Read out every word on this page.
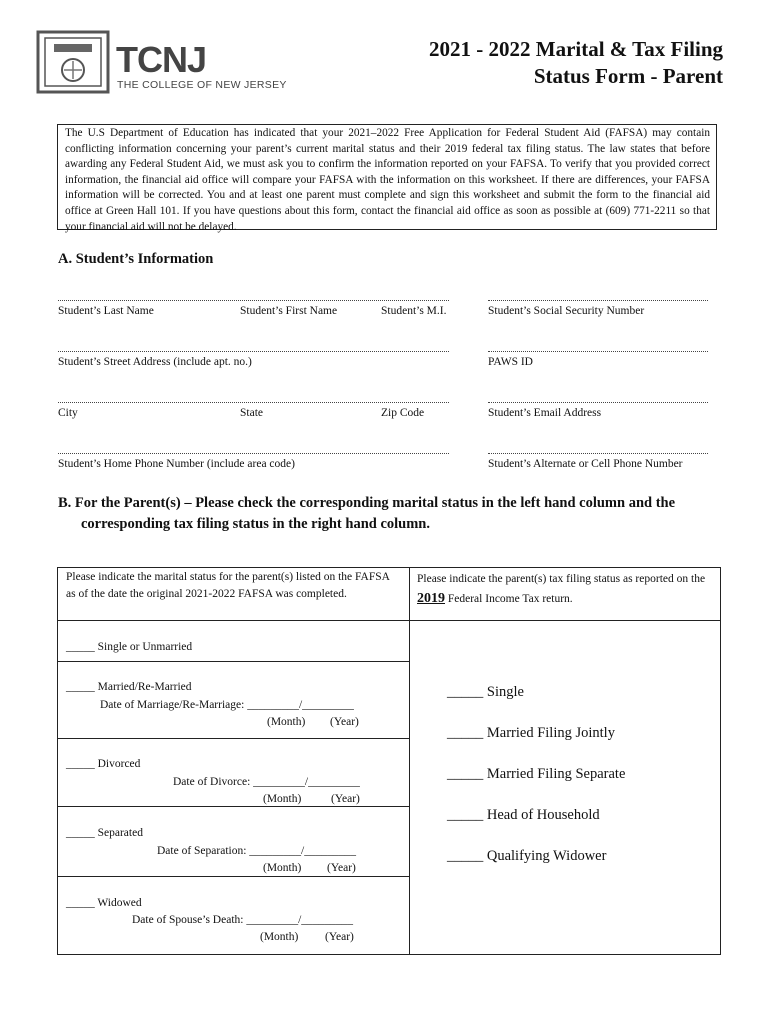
TCNJ
THE COLLEGE OF NEW JERSEY
2021 - 2022 Marital & Tax Filing
Status Form - Parent
The U.S Department of Education has indicated that your 2021–2022 Free Application for Federal Student Aid (FAFSA) may contain conflicting information concerning your parent’s current marital status and their 2019 federal tax filing status. The law states that before awarding any Federal Student Aid, we must ask you to confirm the information reported on your FAFSA. To verify that you provided correct information, the financial aid office will compare your FAFSA with the information on this worksheet. If there are differences, your FAFSA information will be corrected. You and at least one parent must complete and sign this worksheet and submit the form to the financial aid office at Green Hall 101. If you have questions about this form, contact the financial aid office as soon as possible at (609) 771-2211 so that your financial aid will not be delayed.
A. Student’s Information
Student’s Last Name	Student’s First Name	Student’s M.I.	Student’s Social Security Number
Student’s Street Address (include apt. no.)	PAWS ID
City	State	Zip Code	Student’s Email Address
Student’s Home Phone Number (include area code)	Student’s Alternate or Cell Phone Number
B. For the Parent(s) – Please check the corresponding marital status in the left hand column and the
corresponding tax filing status in the right hand column.
Please indicate the marital status for the parent(s) listed on the FAFSA as of the date the original 2021-2022 FAFSA was completed.
Please indicate the parent(s) tax filing status as reported on the 2019 Federal Income Tax return.
_____ Single or Unmarried
_____ Married/Re-Married
Date of Marriage/Re-Marriage: _________/_________
(Month) (Year)
_____ Divorced
Date of Divorce: _________/_________
(Month)	(Year)
_____ Separated
Date of Separation: _________/_________
(Month) (Year)
_____ Widowed
Date of Spouse’s Death: _________/_________
(Month) (Year)
_____ Single
_____ Married Filing Jointly
_____ Married Filing Separate
_____ Head of Household
_____ Qualifying Widower
